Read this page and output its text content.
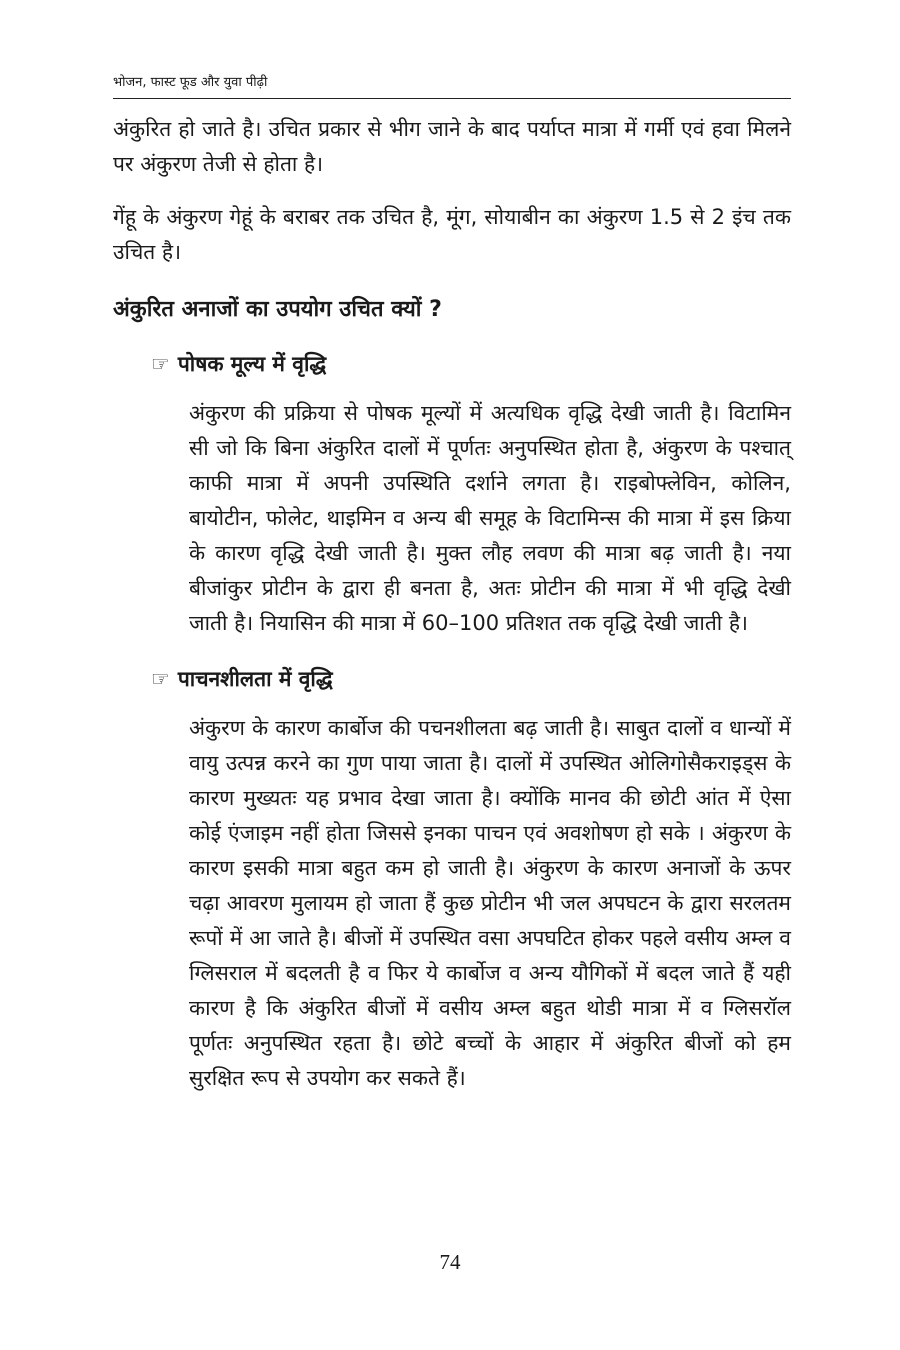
भोजन, फास्ट फूड और युवा पीढ़ी

अंकुरित हो जाते है। उचित प्रकार से भीग जाने के बाद पर्याप्त मात्रा में गर्मी एवं हवा मिलने पर अंकुरण तेजी से होता है।

गेंहू के अंकुरण गेहूं के बराबर तक उचित है, मूंग, सोयाबीन का अंकुरण 1.5 से 2 इंच तक उचित है।

अंकुरित अनाजों का उपयोग उचित क्यों ?
☞ पोषक मूल्य में वृद्धि

अंकुरण की प्रक्रिया से पोषक मूल्यों में अत्यधिक वृद्धि देखी जाती है। विटामिन सी जो कि बिना अंकुरित दालों में पूर्णतः अनुपस्थित होता है, अंकुरण के पश्चात् काफी मात्रा में अपनी उपस्थिति दर्शाने लगता है। राइबोफ्लेविन, कोलिन, बायोटीन, फोलेट, थाइमिन व अन्य बी समूह के विटामिन्स की मात्रा में इस क्रिया के कारण वृद्धि देखी जाती है। मुक्त लौह लवण की मात्रा बढ़ जाती है। नया बीजांकुर प्रोटीन के द्वारा ही बनता है, अतः प्रोटीन की मात्रा में भी वृद्धि देखी जाती है। नियासिन की मात्रा में 60–100 प्रतिशत तक वृद्धि देखी जाती है।

☞ पाचनशीलता में वृद्धि

अंकुरण के कारण कार्बोज की पचनशीलता बढ़ जाती है। साबुत दालों व धान्यों में वायु उत्पन्न करने का गुण पाया जाता है। दालों में उपस्थित ओलिगोसैकराइड्स के कारण मुख्यतः यह प्रभाव देखा जाता है। क्योंकि मानव की छोटी आंत में ऐसा कोई एंजाइम नहीं होता जिससे इनका पाचन एवं अवशोषण हो सके । अंकुरण के कारण इसकी मात्रा बहुत कम हो जाती है। अंकुरण के कारण अनाजों के ऊपर चढ़ा आवरण मुलायम हो जाता हैं कुछ प्रोटीन भी जल अपघटन के द्वारा सरलतम रूपों में आ जाते है। बीजों में उपस्थित वसा अपघटित होकर पहले वसीय अम्ल व ग्लिसराल में बदलती है व फिर ये कार्बोज व अन्य यौगिकों में बदल जाते हैं यही कारण है कि अंकुरित बीजों में वसीय अम्ल बहुत थोडी मात्रा में व ग्लिसरॉल पूर्णतः अनुपस्थित रहता है। छोटे बच्चों के आहार में अंकुरित बीजों को हम सुरक्षित रूप से उपयोग कर सकते हैं।

74
